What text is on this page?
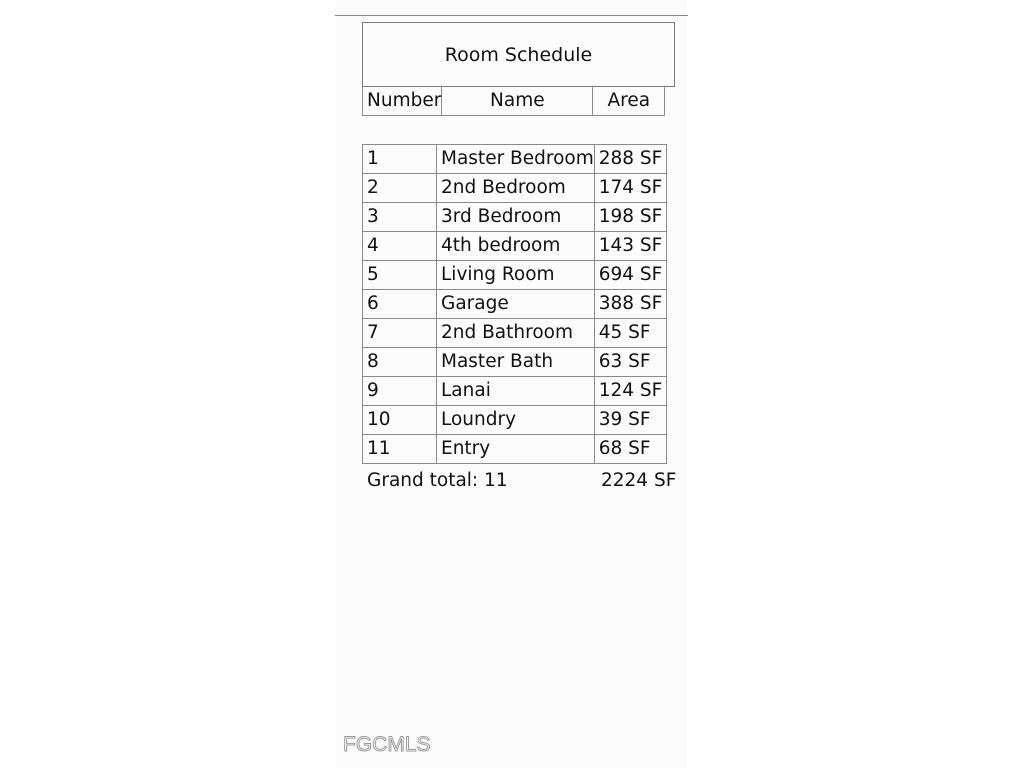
Room Schedule
Number	Name	Area
1	Master Bedroom	288 SF
2	2nd Bedroom	174 SF
3	3rd Bedroom	198 SF
4	4th bedroom	143 SF
5	Living Room	694 SF
6	Garage	388 SF
7	2nd Bathroom	45 SF
8	Master Bath	63 SF
9	Lanai	124 SF
10	Loundry	39 SF
11	Entry	68 SF
Grand total: 11	2224 SF
FGCMLS
